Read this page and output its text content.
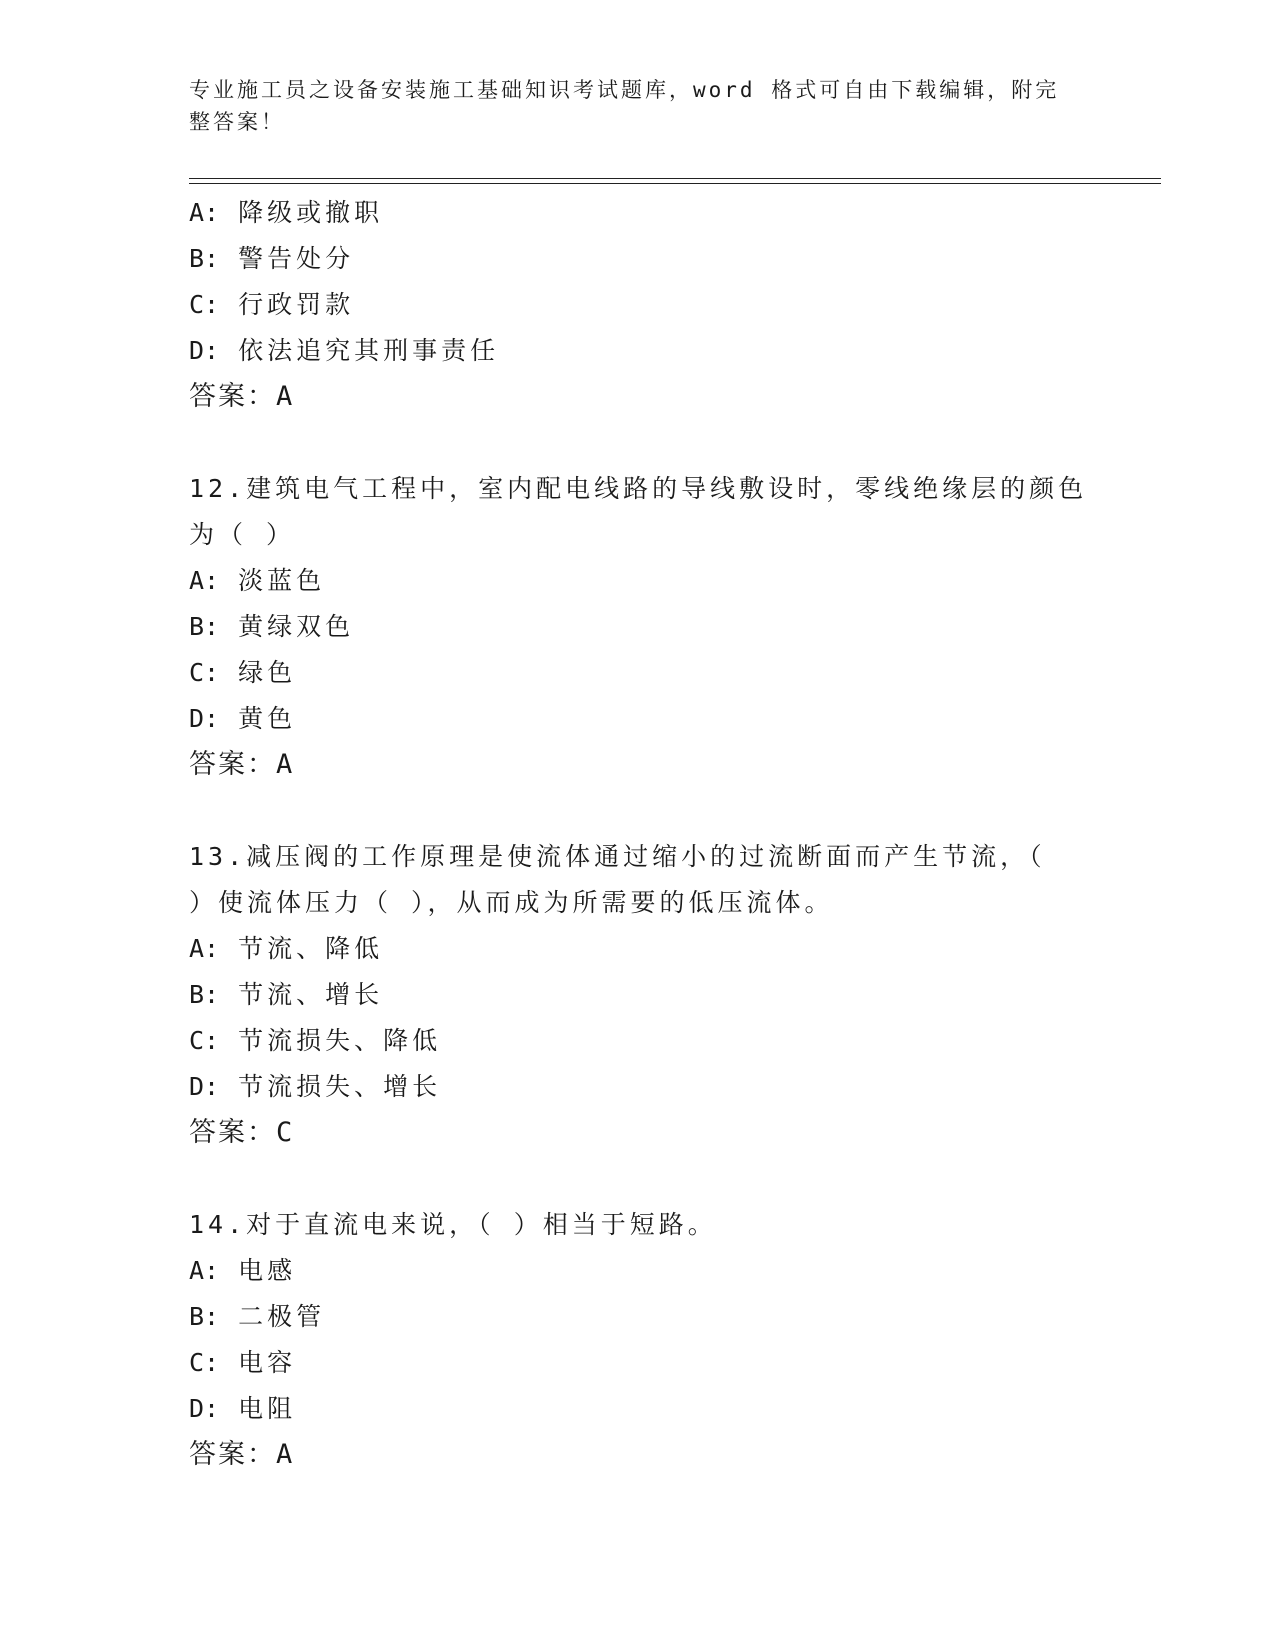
专业施工员之设备安装施工基础知识考试题库，word 格式可自由下载编辑，附完整答案！

A: 降级或撤职

B: 警告处分

C: 行政罚款

D: 依法追究其刑事责任

答案：A

12.建筑电气工程中，室内配电线路的导线敷设时，零线绝缘层的颜色

为（ ）

A: 淡蓝色

B: 黄绿双色

C: 绿色

D: 黄色

答案：A

13.减压阀的工作原理是使流体通过缩小的过流断面而产生节流，（

）使流体压力（ ），从而成为所需要的低压流体。

A: 节流、降低

B: 节流、增长

C: 节流损失、降低

D: 节流损失、增长

答案：C

14.对于直流电来说，（ ）相当于短路。

A: 电感

B: 二极管

C: 电容

D: 电阻

答案：A
